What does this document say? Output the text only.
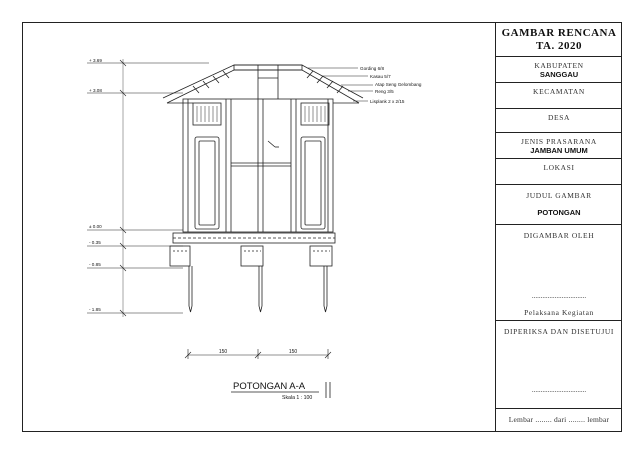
+ 3.69
+ 3.08
± 0.00
- 0.35
- 0.85
- 1.85
Gording 6/8
Kasau 5/7
Atap Seng Gelombang
Reng 3/5
Lisplank 2 x 2/15
150	150
POTONGAN A-A
Skala 1 : 100
GAMBAR RENCANA
TA. 2020
KABUPATEN
SANGGAU
KECAMATAN
DESA
JENIS PRASARANA
JAMBAN UMUM
LOKASI
JUDUL GAMBAR
POTONGAN
DIGAMBAR OLEH
...............................
Pelaksana Kegiatan
DIPERIKSA DAN DISETUJUI
...............................
Lembar ........ dari ........ lembar
